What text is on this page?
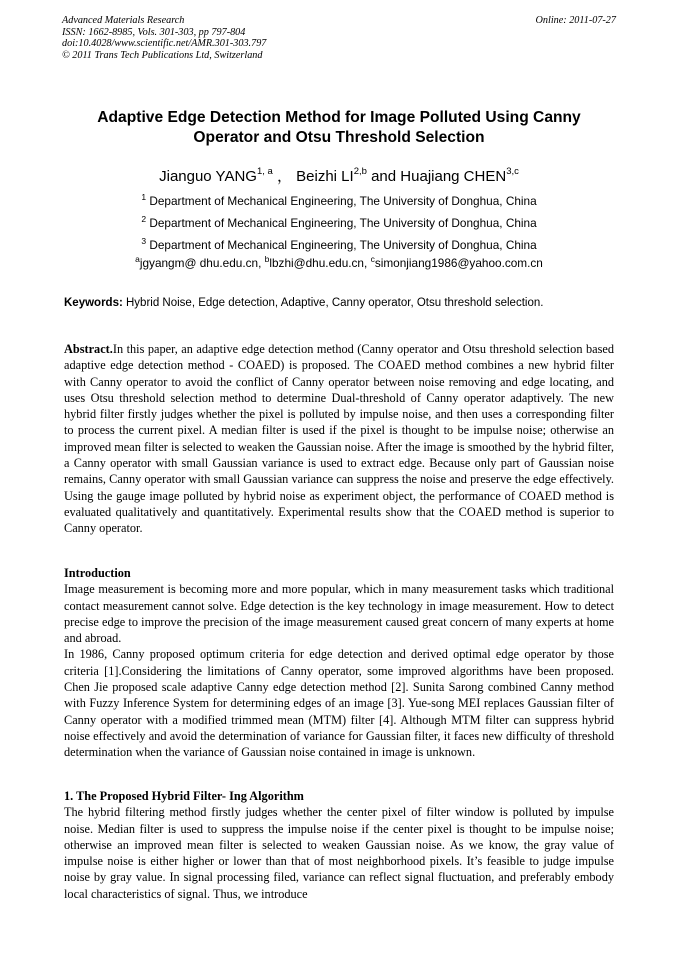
Advanced Materials Research
ISSN: 1662-8985, Vols. 301-303, pp 797-804
doi:10.4028/www.scientific.net/AMR.301-303.797
© 2011 Trans Tech Publications Ltd, Switzerland
Online: 2011-07-27
Adaptive Edge Detection Method for Image Polluted Using Canny
Operator and Otsu Threshold Selection
Jianguo YANG$^{1, a}$ ， Beizhi LI$^{2,b}$ and Huajiang CHEN$^{3,c}$
$^1$ Department of Mechanical Engineering, The University of Donghua, China
$^2$ Department of Mechanical Engineering, The University of Donghua, China
$^3$ Department of Mechanical Engineering, The University of Donghua, China
$^a$jgyangm@ dhu.edu.cn, $^b$lbzhi@dhu.edu.cn, $^c$simonjiang1986@yahoo.com.cn
Keywords: Hybrid Noise, Edge detection, Adaptive, Canny operator, Otsu threshold selection.

Abstract.In this paper, an adaptive edge detection method (Canny operator and Otsu threshold selection based adaptive edge detection method - COAED) is proposed. The COAED method combines a new hybrid filter with Canny operator to avoid the conflict of Canny operator between noise removing and edge locating, and uses Otsu threshold selection method to determine Dual-threshold of Canny operator adaptively. The new hybrid filter firstly judges whether the pixel is polluted by impulse noise, and then uses a corresponding filter to process the current pixel. A median filter is used if the pixel is thought to be impulse noise; otherwise an improved mean filter is selected to weaken the Gaussian noise. After the image is smoothed by the hybrid filter, a Canny operator with small Gaussian variance is used to extract edge. Because only part of Gaussian noise remains, Canny operator with small Gaussian variance can suppress the noise and preserve the edge effectively. Using the gauge image polluted by hybrid noise as experiment object, the performance of COAED method is evaluated qualitatively and quantitatively. Experimental results show that the COAED method is superior to Canny operator.

Introduction

Image measurement is becoming more and more popular, which in many measurement tasks which traditional contact measurement cannot solve. Edge detection is the key technology in image measurement. How to detect precise edge to improve the precision of the image measurement caused great concern of many experts at home and abroad.

In 1986, Canny proposed optimum criteria for edge detection and derived optimal edge operator by those criteria [1].Considering the limitations of Canny operator, some improved algorithms have been proposed. Chen Jie proposed scale adaptive Canny edge detection method [2]. Sunita Sarong combined Canny method with Fuzzy Inference System for determining edges of an image [3]. Yue-song MEI replaces Gaussian filter of Canny operator with a modified trimmed mean (MTM) filter [4]. Although MTM filter can suppress hybrid noise effectively and avoid the determination of variance for Gaussian filter, it faces new difficulty of threshold determination when the variance of Gaussian noise contained in image is unknown.

1. The Proposed Hybrid Filter- Ing Algorithm

The hybrid filtering method firstly judges whether the center pixel of filter window is polluted by impulse noise. Median filter is used to suppress the impulse noise if the center pixel is thought to be impulse noise; otherwise an improved mean filter is selected to weaken Gaussian noise. As we know, the gray value of impulse noise is either higher or lower than that of most neighborhood pixels. It’s feasible to judge impulse noise by gray value. In signal processing filed, variance can reflect signal fluctuation, and preferably embody local characteristics of signal. Thus, we introduce
